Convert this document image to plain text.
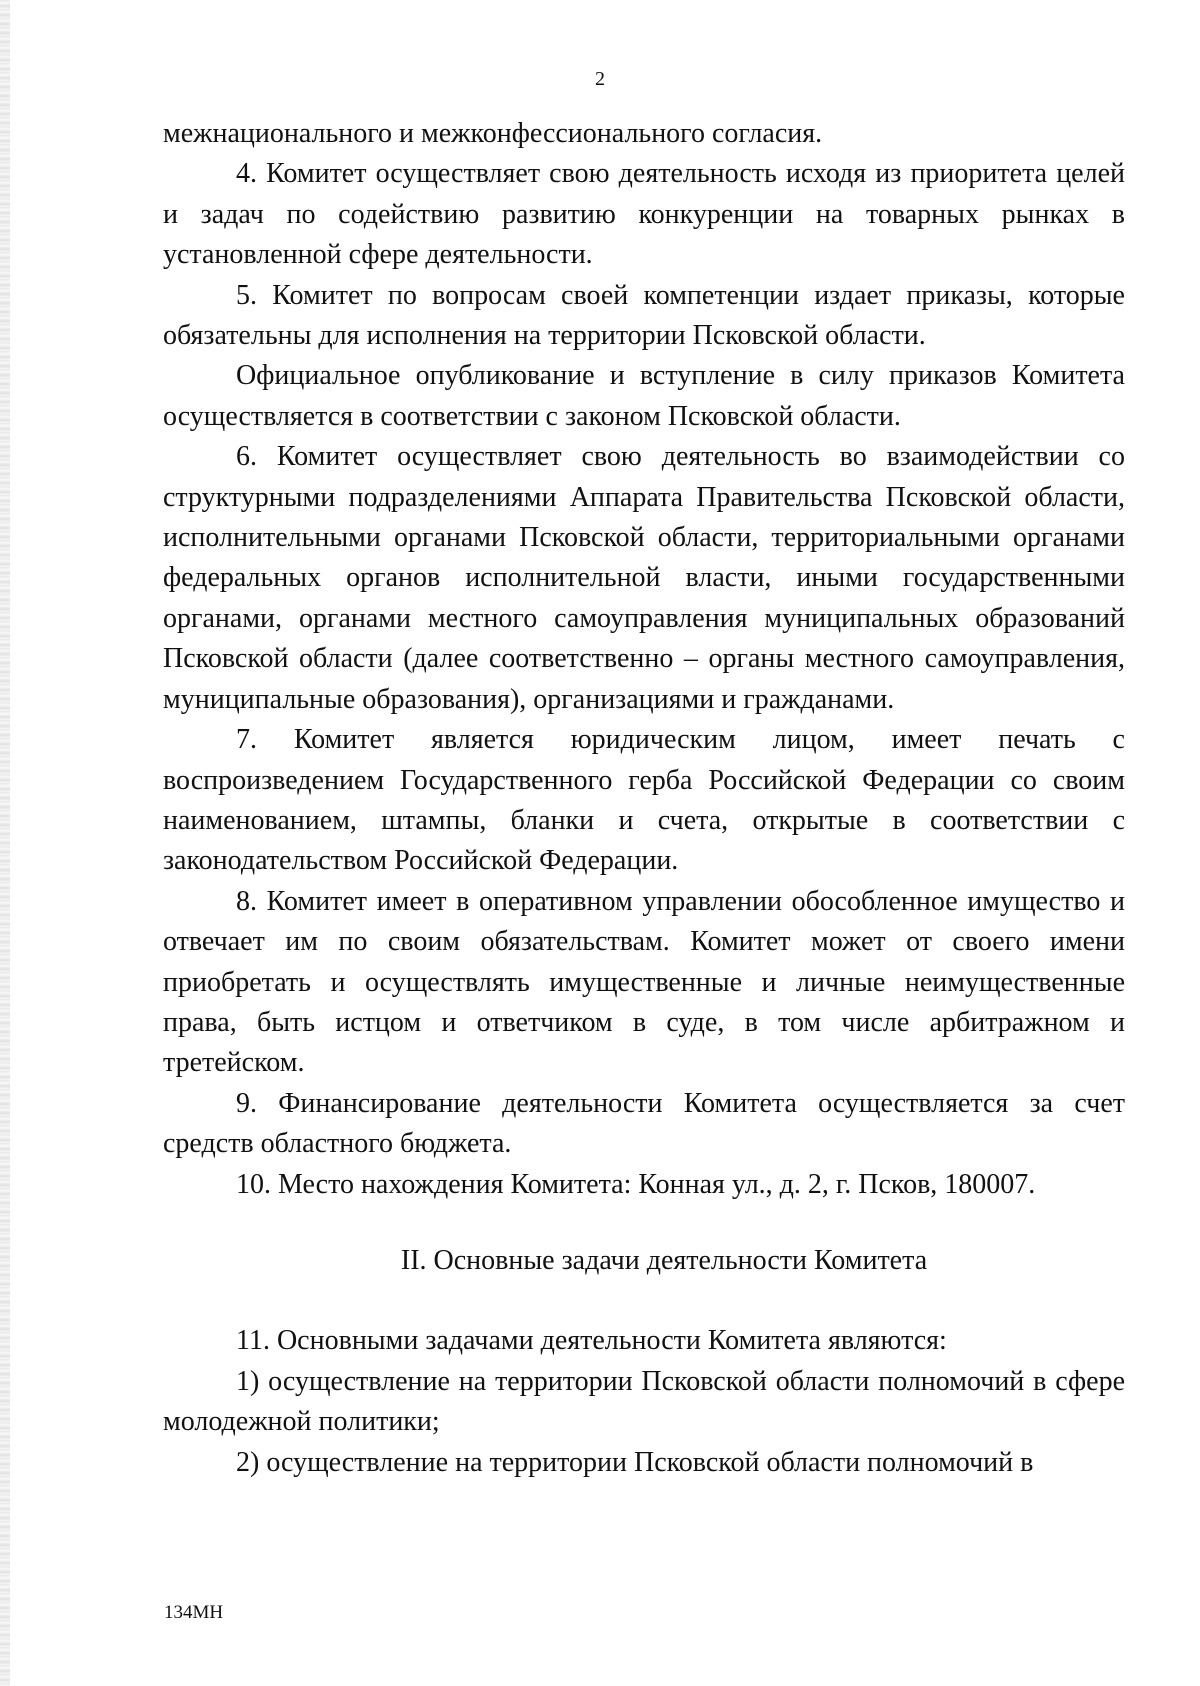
2

межнационального и межконфессионального согласия.

4. Комитет осуществляет свою деятельность исходя из приоритета целей и задач по содействию развитию конкуренции на товарных рынках в установленной сфере деятельности.

5. Комитет по вопросам своей компетенции издает приказы, которые обязательны для исполнения на территории Псковской области.

Официальное опубликование и вступление в силу приказов Комитета осуществляется в соответствии с законом Псковской области.

6. Комитет осуществляет свою деятельность во взаимодействии со структурными подразделениями Аппарата Правительства Псковской области, исполнительными органами Псковской области, территориальными органами федеральных органов исполнительной власти, иными государственными органами, органами местного самоуправления муниципальных образований Псковской области (далее соответственно – органы местного самоуправления, муниципальные образования), организациями и гражданами.

7. Комитет является юридическим лицом, имеет печать с воспроизведением Государственного герба Российской Федерации со своим наименованием, штампы, бланки и счета, открытые в соответствии с законодательством Российской Федерации.

8. Комитет имеет в оперативном управлении обособленное имущество и отвечает им по своим обязательствам. Комитет может от своего имени приобретать и осуществлять имущественные и личные неимущественные права, быть истцом и ответчиком в суде, в том числе арбитражном и третейском.

9. Финансирование деятельности Комитета осуществляется за счет средств областного бюджета.

10. Место нахождения Комитета: Конная ул., д. 2, г. Псков, 180007.

II. Основные задачи деятельности Комитета

11. Основными задачами деятельности Комитета являются:

1) осуществление на территории Псковской области полномочий в сфере молодежной политики;

2) осуществление на территории Псковской области полномочий в

134МН
